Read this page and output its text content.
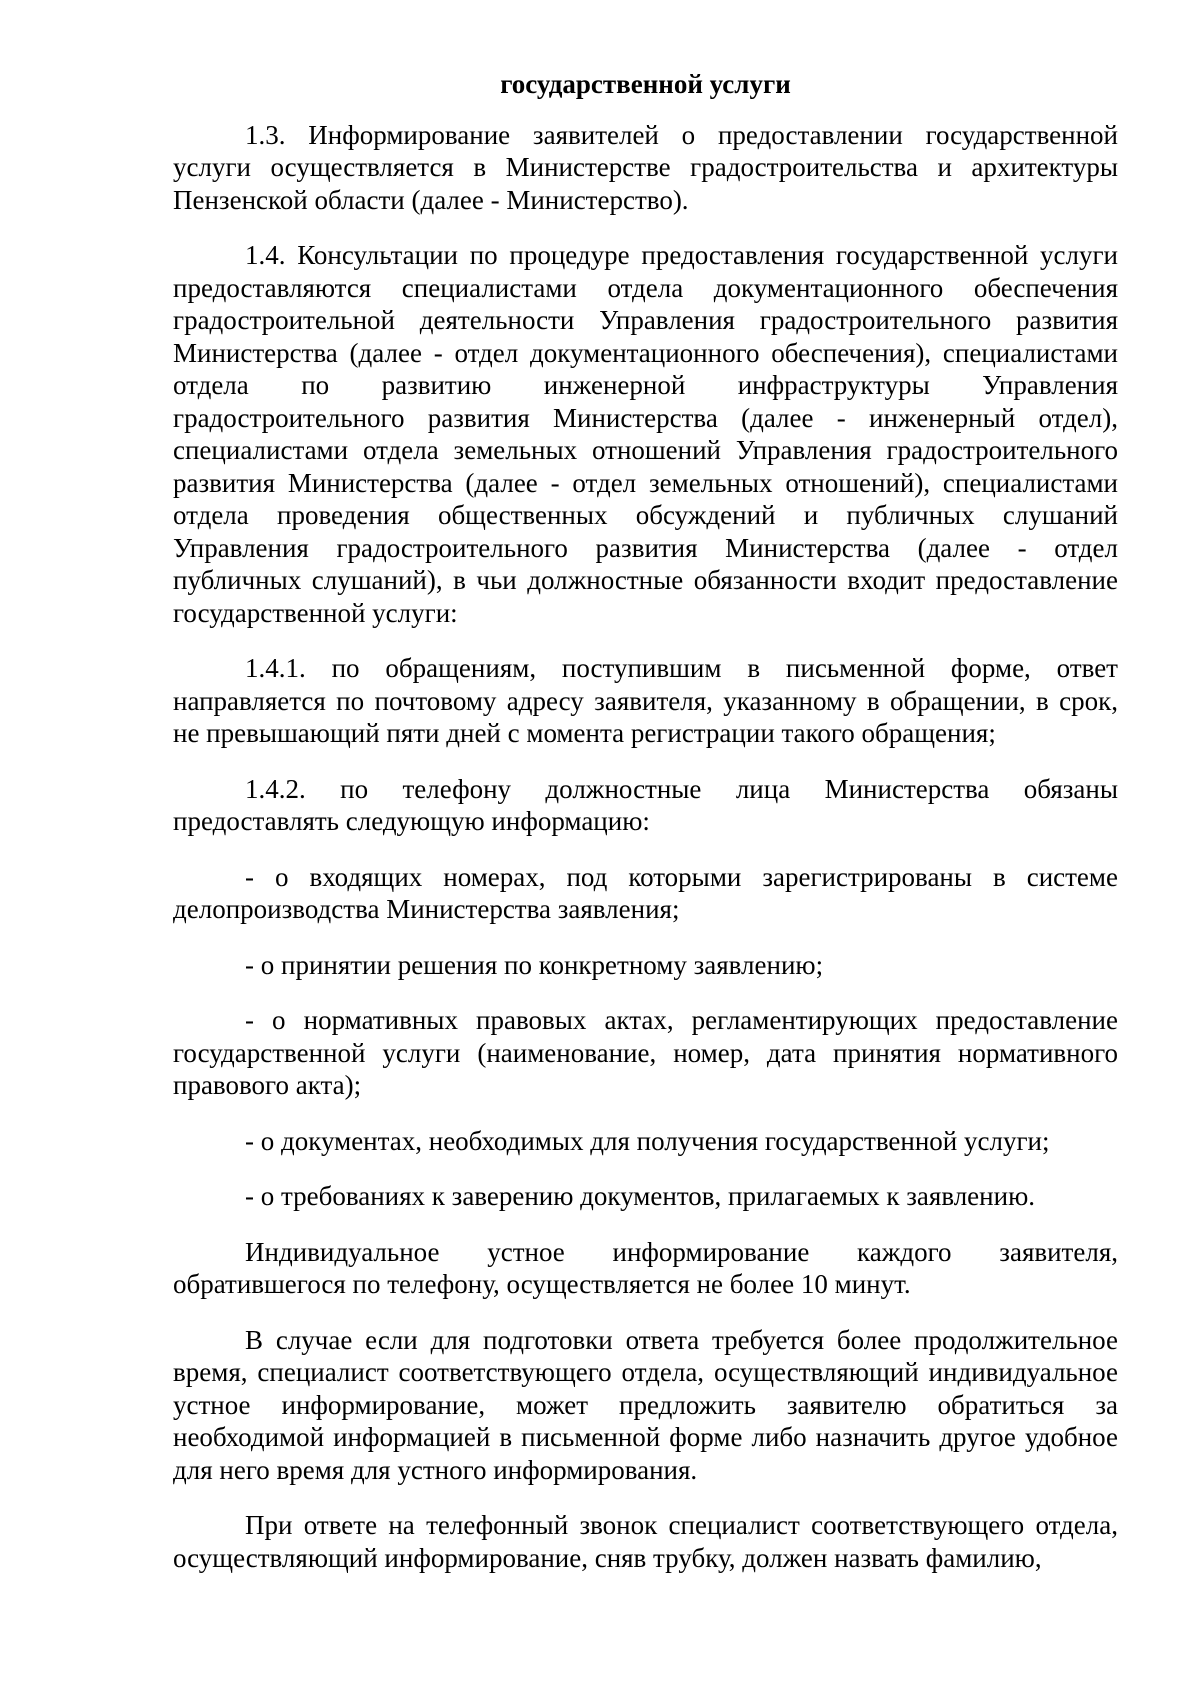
государственной услуги

1.3. Информирование заявителей о предоставлении государственной услуги осуществляется в Министерстве градостроительства и архитектуры Пензенской области (далее - Министерство).

1.4. Консультации по процедуре предоставления государственной услуги предоставляются специалистами отдела документационного обеспечения градостроительной деятельности Управления градостроительного развития Министерства (далее - отдел документационного обеспечения), специалистами отдела по развитию инженерной инфраструктуры Управления градостроительного развития Министерства (далее - инженерный отдел), специалистами отдела земельных отношений Управления градостроительного развития Министерства (далее - отдел земельных отношений), специалистами отдела проведения общественных обсуждений и публичных слушаний Управления градостроительного развития Министерства (далее - отдел публичных слушаний), в чьи должностные обязанности входит предоставление государственной услуги:

1.4.1. по обращениям, поступившим в письменной форме, ответ направляется по почтовому адресу заявителя, указанному в обращении, в срок, не превышающий пяти дней с момента регистрации такого обращения;

1.4.2. по телефону должностные лица Министерства обязаны предоставлять следующую информацию:

- о входящих номерах, под которыми зарегистрированы в системе делопроизводства Министерства заявления;

- о принятии решения по конкретному заявлению;

- о нормативных правовых актах, регламентирующих предоставление государственной услуги (наименование, номер, дата принятия нормативного правового акта);

- о документах, необходимых для получения государственной услуги;

- о требованиях к заверению документов, прилагаемых к заявлению.

Индивидуальное устное информирование каждого заявителя, обратившегося по телефону, осуществляется не более 10 минут.

В случае если для подготовки ответа требуется более продолжительное время, специалист соответствующего отдела, осуществляющий индивидуальное устное информирование, может предложить заявителю обратиться за необходимой информацией в письменной форме либо назначить другое удобное для него время для устного информирования.

При ответе на телефонный звонок специалист соответствующего отдела, осуществляющий информирование, сняв трубку, должен назвать фамилию,
